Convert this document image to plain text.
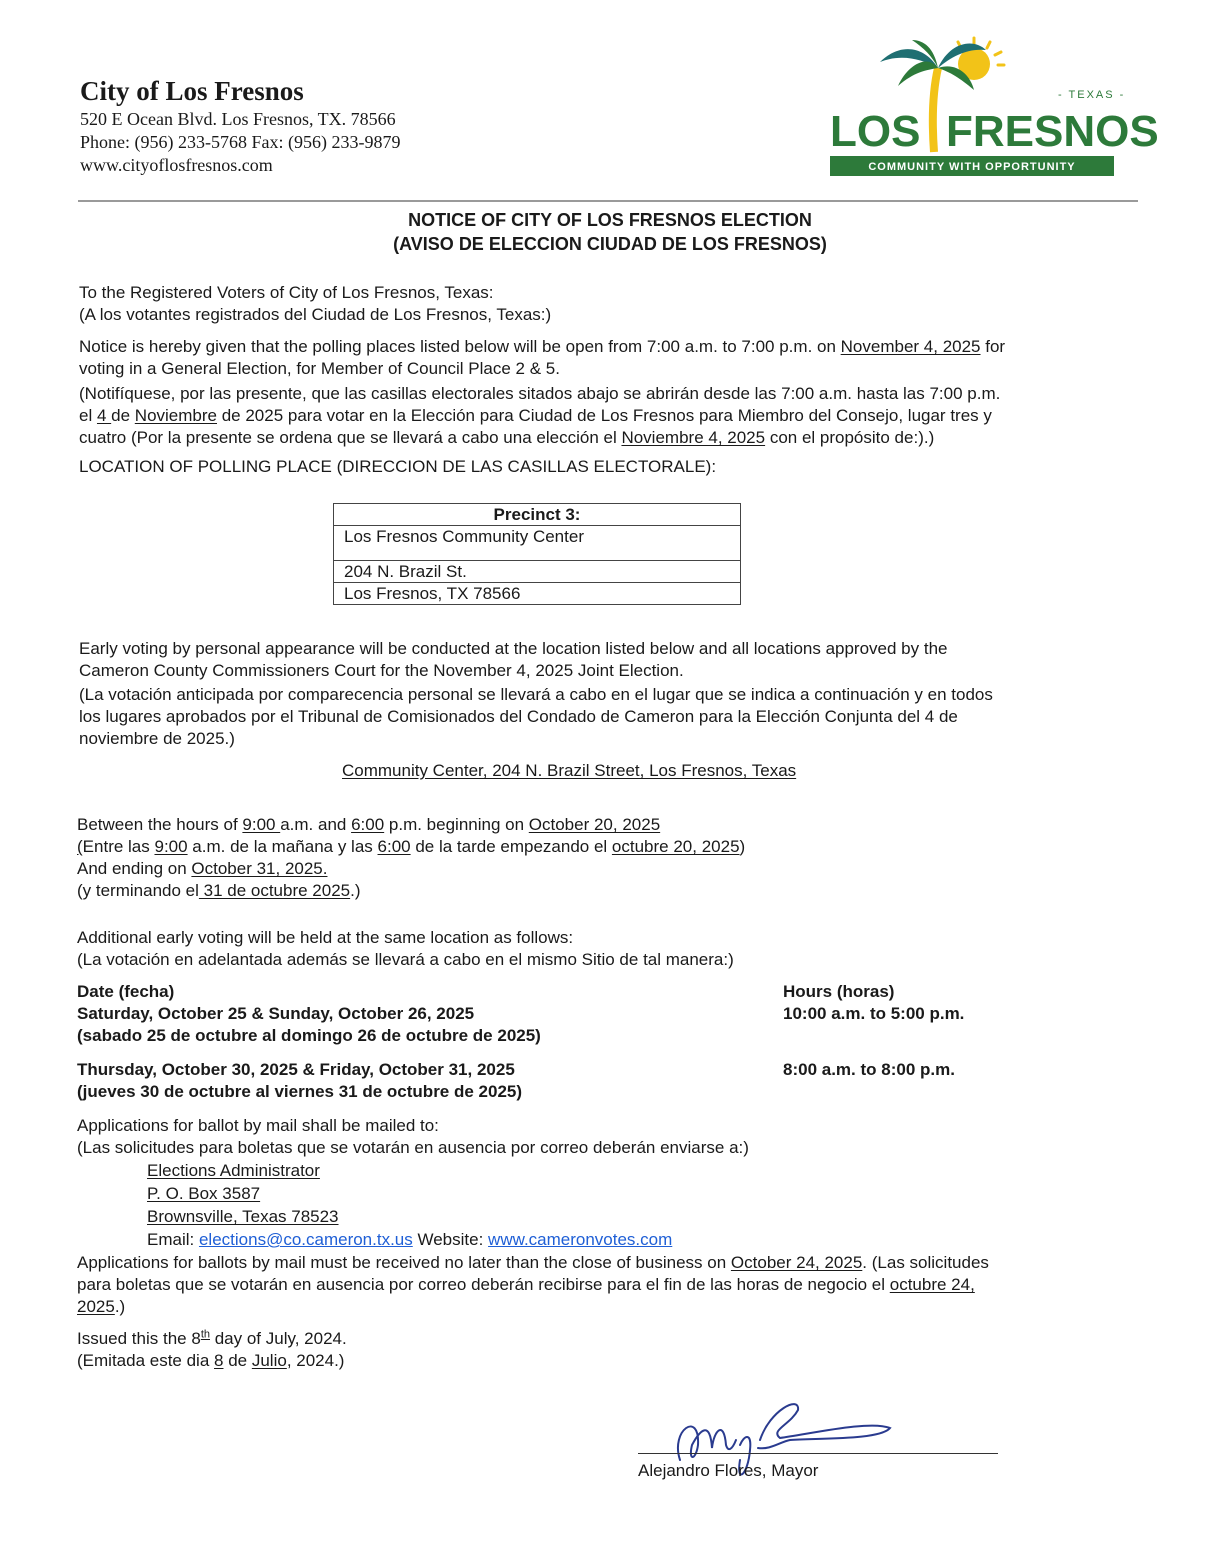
City of Los Fresnos
520 E Ocean Blvd. Los Fresnos, TX. 78566
Phone: (956) 233-5768 Fax: (956) 233-9879
www.cityoflosfresnos.com
- TEXAS -
LOS FRESNOS
COMMUNITY WITH OPPORTUNITY
NOTICE OF CITY OF LOS FRESNOS ELECTION
(AVISO DE ELECCION CIUDAD DE LOS FRESNOS)
To the Registered Voters of City of Los Fresnos, Texas:
(A los votantes registrados del Ciudad de Los Fresnos, Texas:)
Notice is hereby given that the polling places listed below will be open from 7:00 a.m. to 7:00 p.m. on November 4, 2025 for
voting in a General Election, for Member of Council Place 2 & 5.
(Notifíquese, por las presente, que las casillas electorales sitados abajo se abrirán desde las 7:00 a.m. hasta las 7:00 p.m.
el 4 de Noviembre de 2025 para votar en la Elección para Ciudad de Los Fresnos para Miembro del Consejo, lugar tres y
cuatro (Por la presente se ordena que se llevará a cabo una elección el Noviembre 4, 2025 con el propósito de:).)
LOCATION OF POLLING PLACE (DIRECCION DE LAS CASILLAS ELECTORALE):
Precinct 3:
Los Fresnos Community Center
204 N. Brazil St.
Los Fresnos, TX 78566
Early voting by personal appearance will be conducted at the location listed below and all locations approved by the
Cameron County Commissioners Court for the November 4, 2025 Joint Election.
(La votación anticipada por comparecencia personal se llevará a cabo en el lugar que se indica a continuación y en todos
los lugares aprobados por el Tribunal de Comisionados del Condado de Cameron para la Elección Conjunta del 4 de
noviembre de 2025.)
Community Center, 204 N. Brazil Street, Los Fresnos, Texas
Between the hours of 9:00 a.m. and 6:00 p.m. beginning on October 20, 2025
(Entre las 9:00 a.m. de la mañana y las 6:00 de la tarde empezando el octubre 20, 2025)
And ending on October 31, 2025.
(y terminando el 31 de octubre 2025.)
Additional early voting will be held at the same location as follows:
(La votación en adelantada además se llevará a cabo en el mismo Sitio de tal manera:)
Date (fecha)	Hours (horas)
Saturday, October 25 & Sunday, October 26, 2025	10:00 a.m. to 5:00 p.m.
(sabado 25 de octubre al domingo 26 de octubre de 2025)
Thursday, October 30, 2025 & Friday, October 31, 2025	8:00 a.m. to 8:00 p.m.
(jueves 30 de octubre al viernes 31 de octubre de 2025)
Applications for ballot by mail shall be mailed to:
(Las solicitudes para boletas que se votarán en ausencia por correo deberán enviarse a:)
Elections Administrator
P. O. Box 3587
Brownsville, Texas 78523
Email: elections@co.cameron.tx.us Website: www.cameronvotes.com
Applications for ballots by mail must be received no later than the close of business on October 24, 2025. (Las solicitudes
para boletas que se votarán en ausencia por correo deberán recibirse para el fin de las horas de negocio el octubre 24,
2025.)
Issued this the 8th day of July, 2024.
(Emitada este dia 8 de Julio, 2024.)
Alejandro Flores, Mayor
